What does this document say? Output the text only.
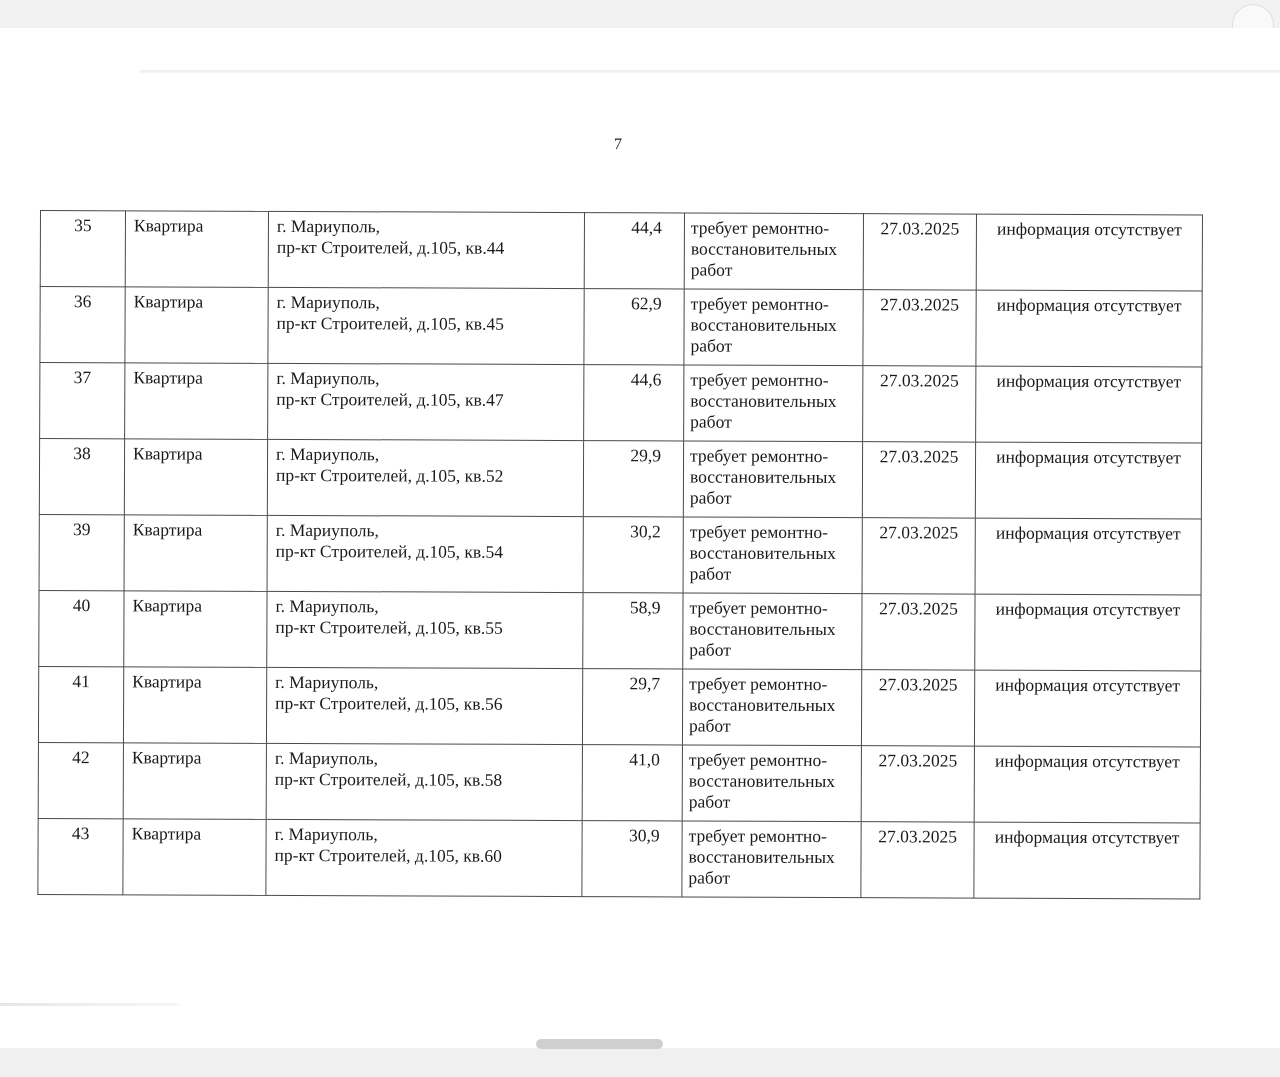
7
35	Квартира	г. Мариуполь,
пр-кт Строителей, д.105, кв.44	44,4	требует ремонтно-
восстановительных
работ	27.03.2025	информация отсутствует

36	Квартира	г. Мариуполь,
пр-кт Строителей, д.105, кв.45	62,9	требует ремонтно-
восстановительных
работ	27.03.2025	информация отсутствует

37	Квартира	г. Мариуполь,
пр-кт Строителей, д.105, кв.47	44,6	требует ремонтно-
восстановительных
работ	27.03.2025	информация отсутствует

38	Квартира	г. Мариуполь,
пр-кт Строителей, д.105, кв.52	29,9	требует ремонтно-
восстановительных
работ	27.03.2025	информация отсутствует

39	Квартира	г. Мариуполь,
пр-кт Строителей, д.105, кв.54	30,2	требует ремонтно-
восстановительных
работ	27.03.2025	информация отсутствует

40	Квартира	г. Мариуполь,
пр-кт Строителей, д.105, кв.55	58,9	требует ремонтно-
восстановительных
работ	27.03.2025	информация отсутствует

41	Квартира	г. Мариуполь,
пр-кт Строителей, д.105, кв.56	29,7	требует ремонтно-
восстановительных
работ	27.03.2025	информация отсутствует

42	Квартира	г. Мариуполь,
пр-кт Строителей, д.105, кв.58	41,0	требует ремонтно-
восстановительных
работ	27.03.2025	информация отсутствует

43	Квартира	г. Мариуполь,
пр-кт Строителей, д.105, кв.60	30,9	требует ремонтно-
восстановительных
работ	27.03.2025	информация отсутствует
